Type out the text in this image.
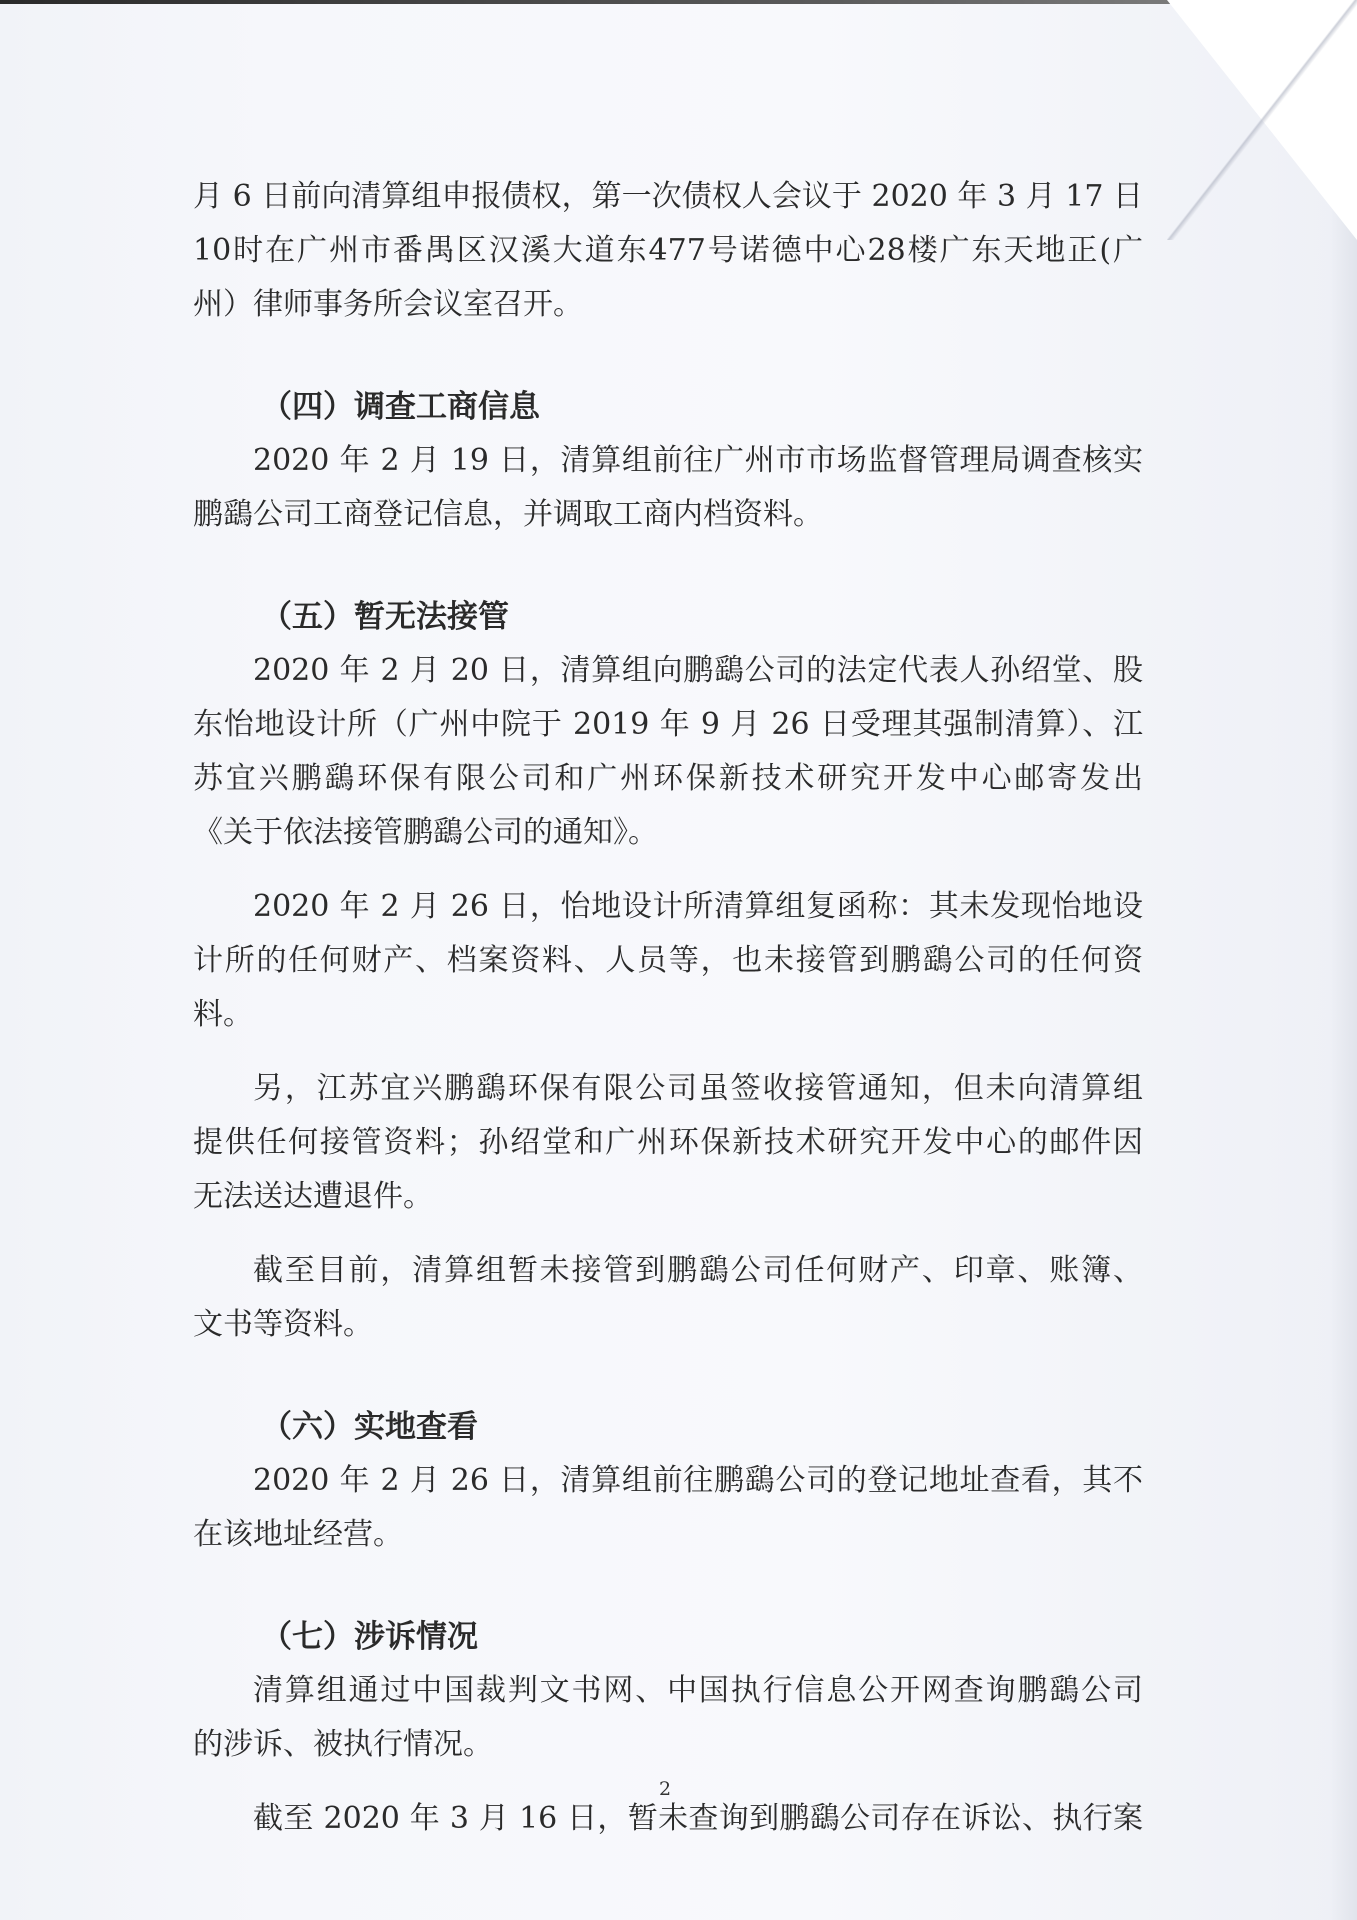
月 6 日前向清算组申报债权，第一次债权人会议于 2020 年 3 月 17 日
10时在广州市番禺区汉溪大道东477号诺德中心28楼广东天地正(广
州）律师事务所会议室召开。
（四）调查工商信息
2020 年 2 月 19 日，清算组前往广州市市场监督管理局调查核实
鹏鷂公司工商登记信息，并调取工商内档资料。
（五）暂无法接管
2020 年 2 月 20 日，清算组向鹏鷂公司的法定代表人孙绍堂、股
东怡地设计所（广州中院于 2019 年 9 月 26 日受理其强制清算）、江
苏宜兴鹏鷂环保有限公司和广州环保新技术研究开发中心邮寄发出
《关于依法接管鹏鷂公司的通知》。
2020 年 2 月 26 日，怡地设计所清算组复函称：其未发现怡地设
计所的任何财产、档案资料、人员等，也未接管到鹏鷂公司的任何资
料。
另，江苏宜兴鹏鷂环保有限公司虽签收接管通知，但未向清算组
提供任何接管资料；孙绍堂和广州环保新技术研究开发中心的邮件因
无法送达遭退件。
截至目前，清算组暂未接管到鹏鷂公司任何财产、印章、账簿、
文书等资料。
（六）实地查看
2020 年 2 月 26 日，清算组前往鹏鷂公司的登记地址查看，其不
在该地址经营。
（七）涉诉情况
清算组通过中国裁判文书网、中国执行信息公开网查询鹏鷂公司
的涉诉、被执行情况。
截至 2020 年 3 月 16 日，暂未查询到鹏鷂公司存在诉讼、执行案
2
